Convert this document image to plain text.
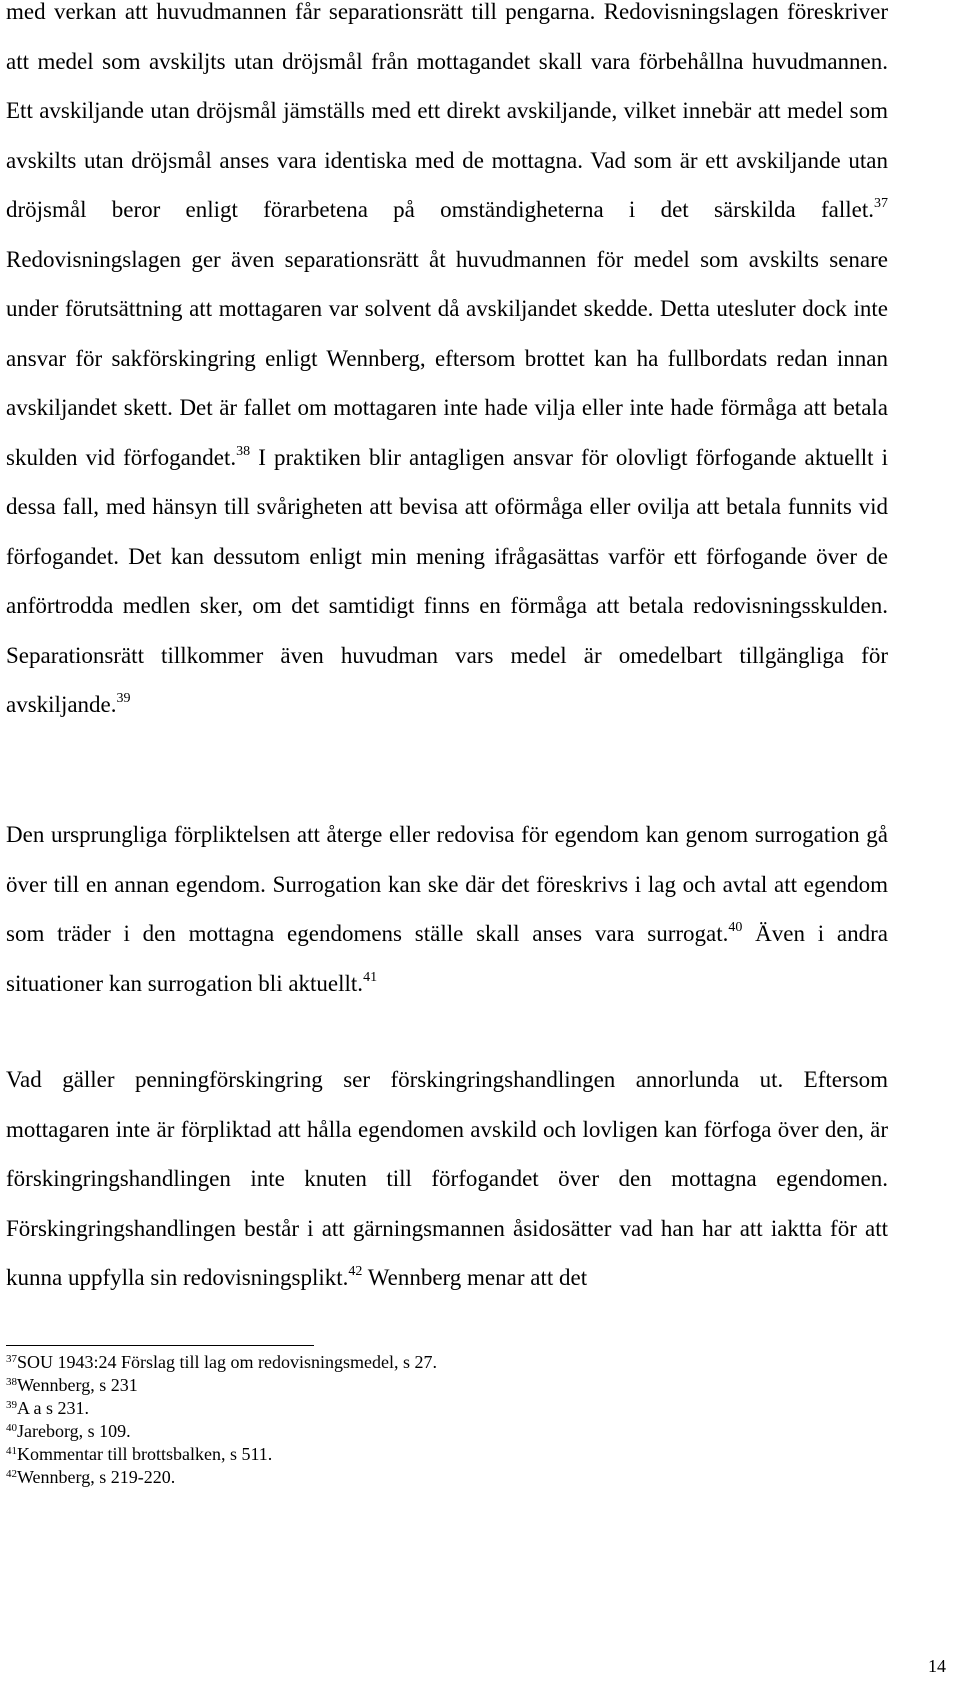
med verkan att huvudmannen får separationsrätt till pengarna. Redovisningslagen föreskriver att medel som avskiljts utan dröjsmål från mottagandet skall vara förbehållna huvudmannen. Ett avskiljande utan dröjsmål jämställs med ett direkt avskiljande, vilket innebär att medel som avskilts utan dröjsmål anses vara identiska med de mottagna. Vad som är ett avskiljande utan dröjsmål beror enligt förarbetena på omständigheterna i det särskilda fallet.$^{37}$ Redovisningslagen ger även separationsrätt åt huvudmannen för medel som avskilts senare under förutsättning att mottagaren var solvent då avskiljandet skedde. Detta utesluter dock inte ansvar för sakförskingring enligt Wennberg, eftersom brottet kan ha fullbordats redan innan avskiljandet skett. Det är fallet om mottagaren inte hade vilja eller inte hade förmåga att betala skulden vid förfogandet.$^{38}$ I praktiken blir antagligen ansvar för olovligt förfogande aktuellt i dessa fall, med hänsyn till svårigheten att bevisa att oförmåga eller ovilja att betala funnits vid förfogandet. Det kan dessutom enligt min mening ifrågasättas varför ett förfogande över de anförtrodda medlen sker, om det samtidigt finns en förmåga att betala redovisningsskulden. Separationsrätt tillkommer även huvudman vars medel är omedelbart tillgängliga för avskiljande.$^{39}$

Den ursprungliga förpliktelsen att återge eller redovisa för egendom kan genom surrogation gå över till en annan egendom. Surrogation kan ske där det föreskrivs i lag och avtal att egendom som träder i den mottagna egendomens ställe skall anses vara surrogat.$^{40}$ Även i andra situationer kan surrogation bli aktuellt.$^{41}$

Vad gäller penningförskingring ser förskingringshandlingen annorlunda ut. Eftersom mottagaren inte är förpliktad att hålla egendomen avskild och lovligen kan förfoga över den, är förskingringshandlingen inte knuten till förfogandet över den mottagna egendomen. Förskingringshandlingen består i att gärningsmannen åsidosätter vad han har att iaktta för att kunna uppfylla sin redovisningsplikt.$^{42}$ Wennberg menar att det

$^{37}$SOU 1943:24 Förslag till lag om redovisningsmedel, s 27.

$^{38}$Wennberg, s 231

$^{39}$A a s 231.

$^{40}$Jareborg, s 109.

$^{41}$Kommentar till brottsbalken, s 511.

$^{42}$Wennberg, s 219-220.

14
